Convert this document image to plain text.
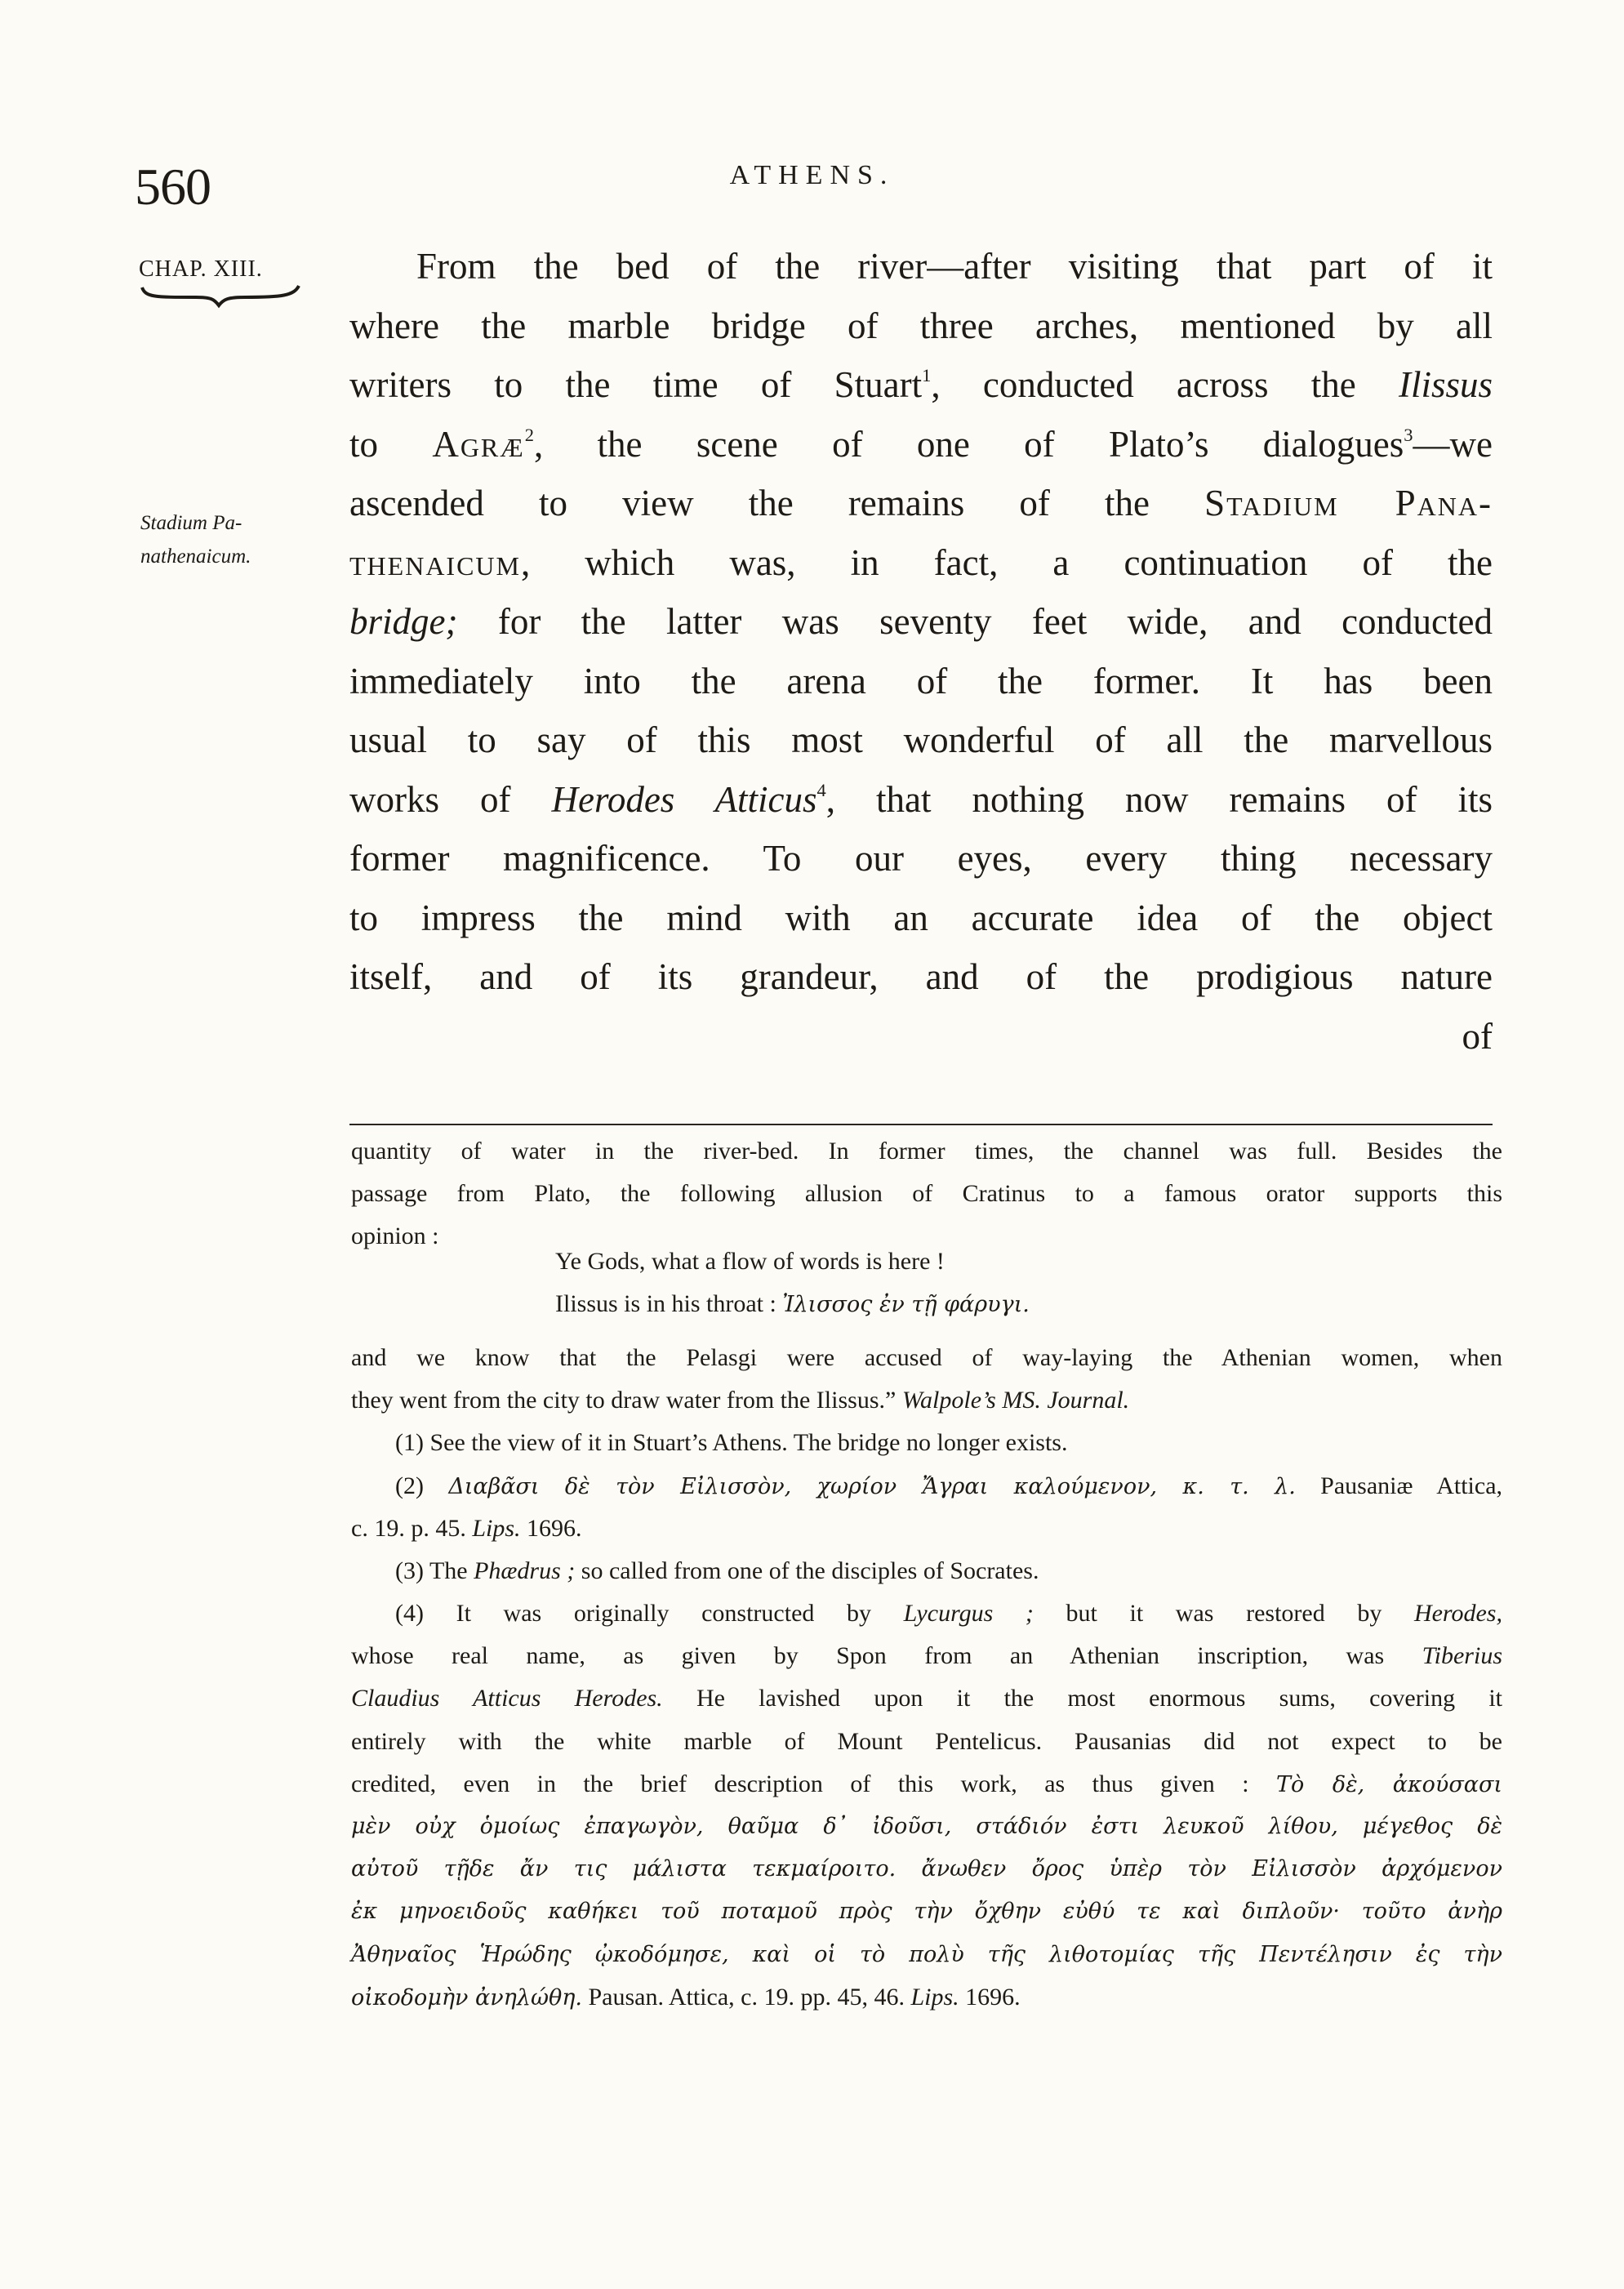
560	ATHENS.
CHAP. XIII.
Stadium Pa-
nathenaicum.
From the bed of the river—after visiting that part of it
where the marble bridge of three arches, mentioned by all
writers to the time of Stuart$^1$, conducted across the Ilissus
to Agræ$^2$, the scene of one of Plato’s dialogues$^3$—we
ascended to view the remains of the Stadium Pana-
thenaicum, which was, in fact, a continuation of the
bridge; for the latter was seventy feet wide, and conducted
immediately into the arena of the former. It has been
usual to say of this most wonderful of all the marvellous
works of Herodes Atticus$^4$, that nothing now remains of its
former magnificence. To our eyes, every thing necessary
to impress the mind with an accurate idea of the object
itself, and of its grandeur, and of the prodigious nature
of
quantity of water in the river-bed. In former times, the channel was full. Besides the
passage from Plato, the following allusion of Cratinus to a famous orator supports this
opinion :
Ye Gods, what a flow of words is here !
Ilissus is in his throat : Ἰλισσος ἐν τῇ φάρυγι.
and we know that the Pelasgi were accused of way-laying the Athenian women, when
they went from the city to draw water from the Ilissus.” Walpole’s MS. Journal.
(1) See the view of it in Stuart’s Athens. The bridge no longer exists.
(2) Διαβᾶσι δὲ τὸν Εἰλισσὸν, χωρίον Ἄγραι καλούμενον, κ. τ. λ. Pausaniæ Attica,
c. 19. p. 45. Lips. 1696.
(3) The Phædrus ; so called from one of the disciples of Socrates.
(4) It was originally constructed by Lycurgus ; but it was restored by Herodes,
whose real name, as given by Spon from an Athenian inscription, was Tiberius
Claudius Atticus Herodes. He lavished upon it the most enormous sums, covering it
entirely with the white marble of Mount Pentelicus. Pausanias did not expect to be
credited, even in the brief description of this work, as thus given : Τὸ δὲ, ἀκούσασι
μὲν οὐχ ὁμοίως ἐπαγωγὸν, θαῦμα δ᾽ ἰδοῦσι, στάδιόν ἐστι λευκοῦ λίθου, μέγεθος δὲ
αὐτοῦ τῇδε ἄν τις μάλιστα τεκμαίροιτο. ἄνωθεν ὄρος ὑπὲρ τὸν Εἰλισσὸν ἀρχόμενον
ἐκ μηνοειδοῦς καθήκει τοῦ ποταμοῦ πρὸς τὴν ὄχθην εὐθύ τε καὶ διπλοῦν· τοῦτο ἀνὴρ
Ἀθηναῖος Ἡρώδης ᾠκοδόμησε, καὶ οἱ τὸ πολὺ τῆς λιθοτομίας τῆς Πεντέλησιν ἐς τὴν
οἰκοδομὴν ἀνηλώθη. Pausan. Attica, c. 19. pp. 45, 46. Lips. 1696.
